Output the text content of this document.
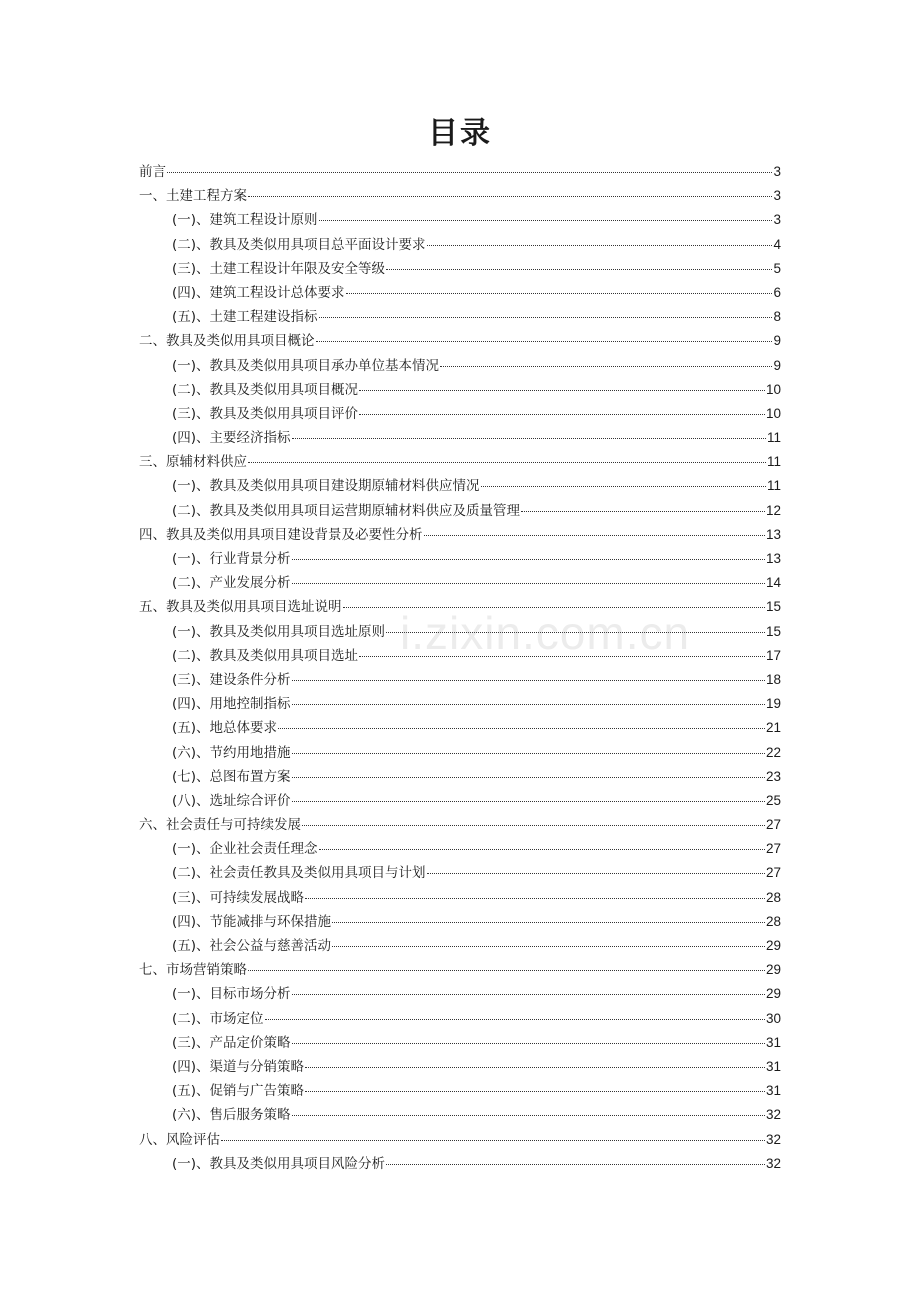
目录
前言	3
一、土建工程方案	3
(一)、建筑工程设计原则	3
(二)、教具及类似用具项目总平面设计要求	4
(三)、土建工程设计年限及安全等级	5
(四)、建筑工程设计总体要求	6
(五)、土建工程建设指标	8
二、教具及类似用具项目概论	9
(一)、教具及类似用具项目承办单位基本情况	9
(二)、教具及类似用具项目概况	10
(三)、教具及类似用具项目评价	10
(四)、主要经济指标	11
三、原辅材料供应	11
(一)、教具及类似用具项目建设期原辅材料供应情况	11
(二)、教具及类似用具项目运营期原辅材料供应及质量管理	12
四、教具及类似用具项目建设背景及必要性分析	13
(一)、行业背景分析	13
(二)、产业发展分析	14
五、教具及类似用具项目选址说明	15
(一)、教具及类似用具项目选址原则	15
(二)、教具及类似用具项目选址	17
(三)、建设条件分析	18
(四)、用地控制指标	19
(五)、地总体要求	21
(六)、节约用地措施	22
(七)、总图布置方案	23
(八)、选址综合评价	25
六、社会责任与可持续发展	27
(一)、企业社会责任理念	27
(二)、社会责任教具及类似用具项目与计划	27
(三)、可持续发展战略	28
(四)、节能减排与环保措施	28
(五)、社会公益与慈善活动	29
七、市场营销策略	29
(一)、目标市场分析	29
(二)、市场定位	30
(三)、产品定价策略	31
(四)、渠道与分销策略	31
(五)、促销与广告策略	31
(六)、售后服务策略	32
八、风险评估	32
(一)、教具及类似用具项目风险分析	32
i.zixin.com.cn
